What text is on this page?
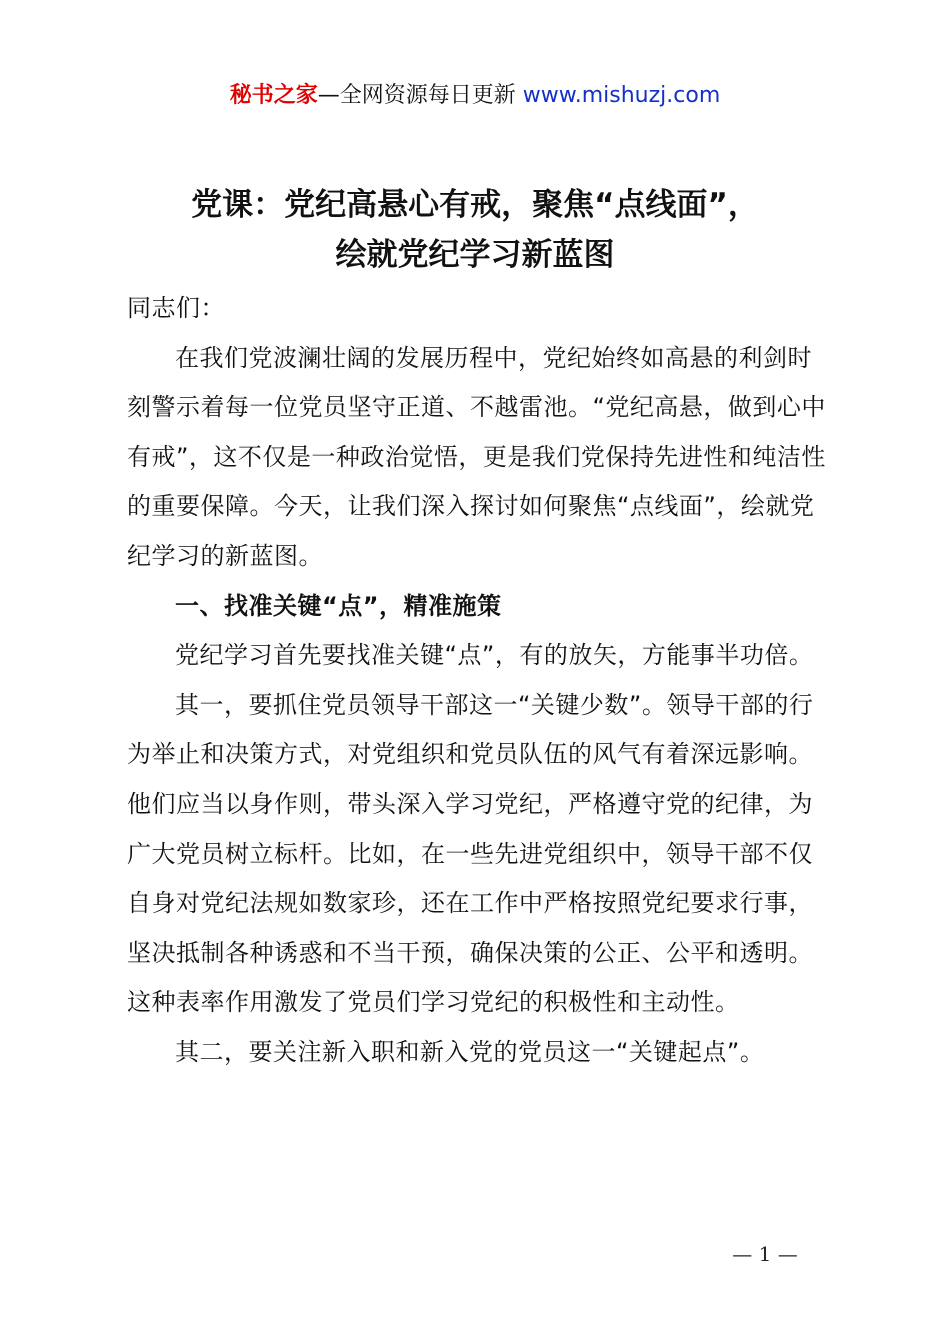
秘书之家—全网资源每日更新 www.mishuzj.com
党课：党纪高悬心有戒，聚焦“点线面”，
绘就党纪学习新蓝图

同志们：

在我们党波澜壮阔的发展历程中，党纪始终如高悬的利剑时刻警示着每一位党员坚守正道、不越雷池。“党纪高悬，做到心中有戒”，这不仅是一种政治觉悟，更是我们党保持先进性和纯洁性的重要保障。今天，让我们深入探讨如何聚焦“点线面”，绘就党纪学习的新蓝图。

一、找准关键“点”，精准施策

党纪学习首先要找准关键“点”，有的放矢，方能事半功倍。

其一，要抓住党员领导干部这一“关键少数”。领导干部的行为举止和决策方式，对党组织和党员队伍的风气有着深远影响。他们应当以身作则，带头深入学习党纪，严格遵守党的纪律，为广大党员树立标杆。比如，在一些先进党组织中，领导干部不仅自身对党纪法规如数家珍，还在工作中严格按照党纪要求行事，坚决抵制各种诱惑和不当干预，确保决策的公正、公平和透明。这种表率作用激发了党员们学习党纪的积极性和主动性。

其二，要关注新入职和新入党的党员这一“关键起点”。

— 1 —
